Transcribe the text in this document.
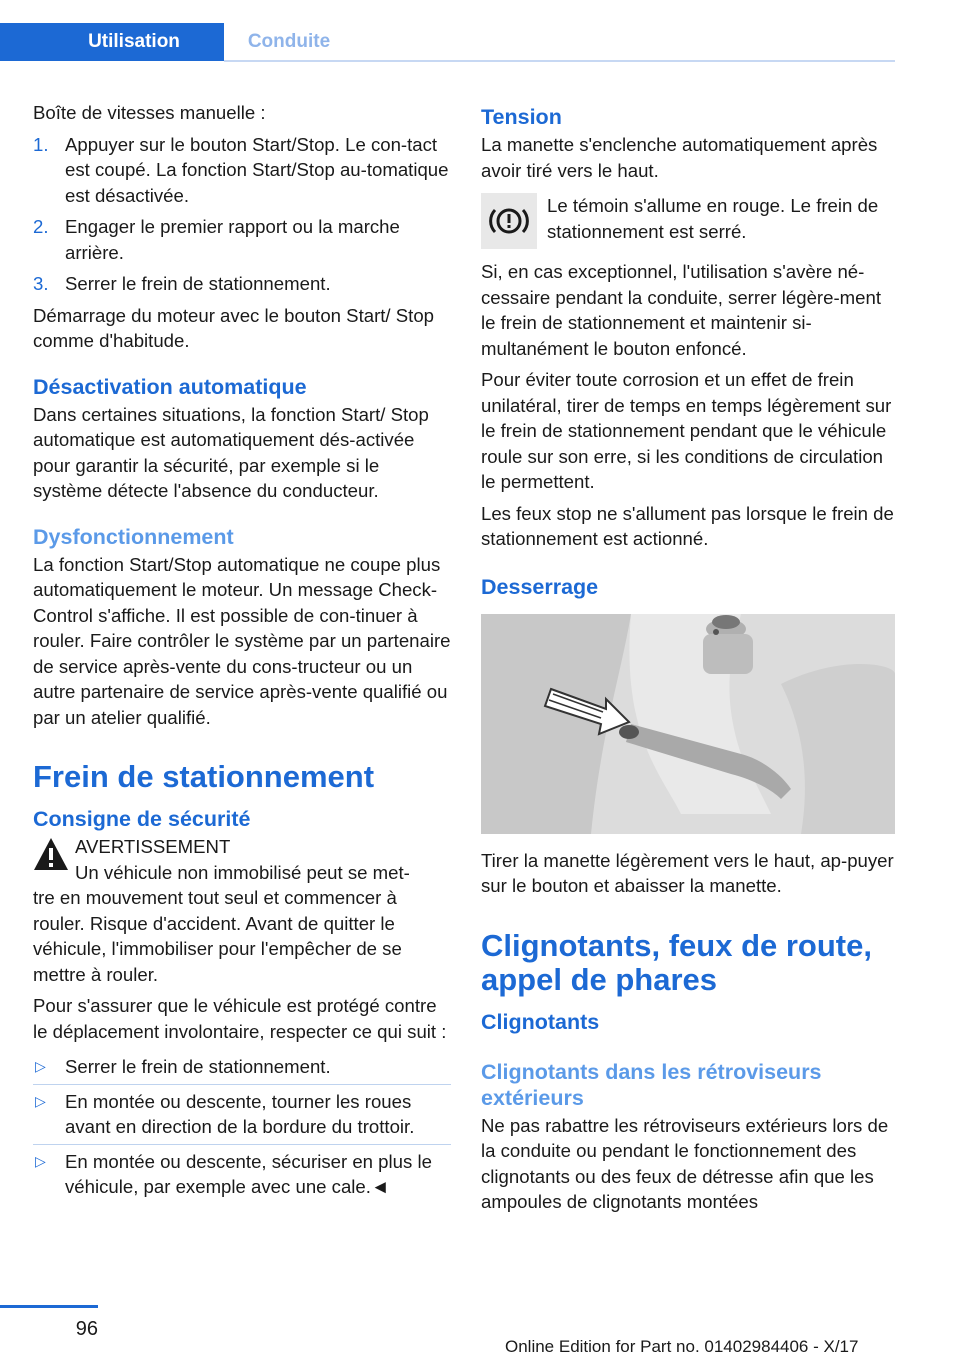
Utilisation	Conduite

Boîte de vitesses manuelle :

1. Appuyer sur le bouton Start/Stop. Le con‐tact est coupé. La fonction Start/Stop au‐tomatique est désactivée.
2. Engager le premier rapport ou la marche arrière.
3. Serrer le frein de stationnement.

Démarrage du moteur avec le bouton Start/ Stop comme d'habitude.

Désactivation automatique

Dans certaines situations, la fonction Start/ Stop automatique est automatiquement dés‐activée pour garantir la sécurité, par exemple si le système détecte l'absence du conducteur.

Dysfonctionnement

La fonction Start/Stop automatique ne coupe plus automatiquement le moteur. Un message Check-Control s'affiche. Il est possible de con‐tinuer à rouler. Faire contrôler le système par un partenaire de service après-vente du cons‐tructeur ou un autre partenaire de service après-vente qualifié ou par un atelier qualifié.

Frein de stationnement
Consigne de sécurité
AVERTISSEMENT
Un véhicule non immobilisé peut se met‐

tre en mouvement tout seul et commencer à rouler. Risque d'accident. Avant de quitter le véhicule, l'immobiliser pour l'empêcher de se mettre à rouler.

Pour s'assurer que le véhicule est protégé contre le déplacement involontaire, respecter ce qui suit :

▷ Serrer le frein de stationnement.
▷ En montée ou descente, tourner les roues avant en direction de la bordure du trottoir.
▷ En montée ou descente, sécuriser en plus le véhicule, par exemple avec une cale.◄
Tension

La manette s'enclenche automatiquement après avoir tiré vers le haut.

Le témoin s'allume en rouge. Le frein de stationnement est serré.

Si, en cas exceptionnel, l'utilisation s'avère né‐cessaire pendant la conduite, serrer légère‐ment le frein de stationnement et maintenir si‐multanément le bouton enfoncé.

Pour éviter toute corrosion et un effet de frein unilatéral, tirer de temps en temps légèrement sur le frein de stationnement pendant que le véhicule roule sur son erre, si les conditions de circulation le permettent.

Les feux stop ne s'allument pas lorsque le frein de stationnement est actionné.

Desserrage

Tirer la manette légèrement vers le haut, ap‐puyer sur le bouton et abaisser la manette.

Clignotants, feux de route, appel de phares
Clignotants
Clignotants dans les rétroviseurs extérieurs

Ne pas rabattre les rétroviseurs extérieurs lors de la conduite ou pendant le fonctionnement des clignotants ou des feux de détresse afin que les ampoules de clignotants montées

96
Online Edition for Part no. 01402984406 - X/17
